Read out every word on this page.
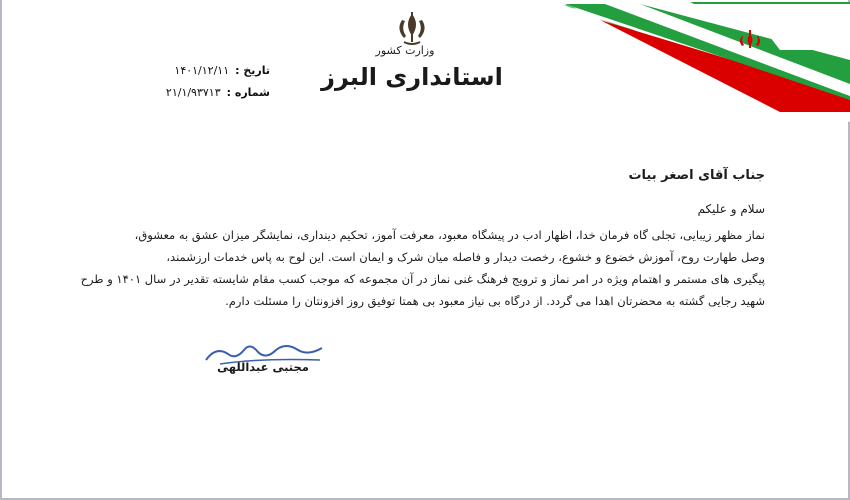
وزارت کشور
استانداری البرز
تاریخ :
۱۴۰۱/۱۲/۱۱
شماره :
۲۱/۱/۹۳۷۱۳
جناب آقای اصغر بیات
سلام و علیکم
نماز مظهر زیبایی، تجلی گاه فرمان خدا، اظهار ادب در پیشگاه معبود، معرفت آموز، تحکیم دینداری، نمایشگر میزان عشق به معشوق،
وصل طهارت روح، آموزش خضوع و خشوع، رخصت دیدار و فاصله میان شرک و ایمان است. این لوح به پاس خدمات ارزشمند،
پیگیری های مستمر و اهتمام ویژه در امر نماز و ترویج فرهنگ غنی نماز در آن مجموعه که موجب کسب مقام شایسته تقدیر در سال ۱۴۰۱ و طرح
شهید رجایی گشته به محضرتان اهدا می گردد. از درگاه بی نیاز معبود بی همتا توفیق روز افزونتان را مسئلت دارم.
مجتبی عبداللهی
